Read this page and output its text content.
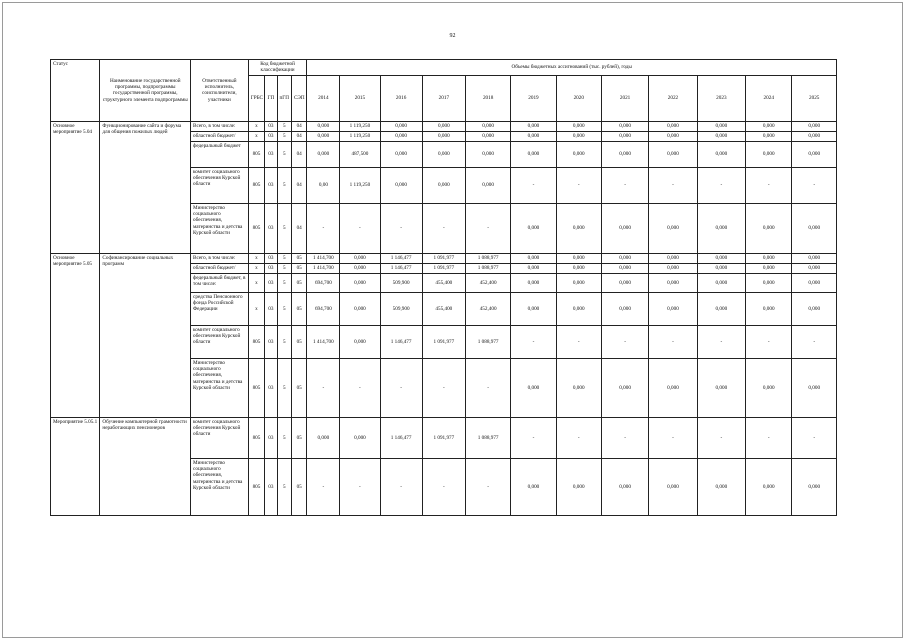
92
Статус	Наименование государственной программы, подпрограммы государственной программы, структурного элемента подпрограммы	Ответственный исполнитель, соисполнители, участники	Код бюджетной классификации				Объемы бюджетных ассигнований (тыс. рублей), годы											
			ГРБС	ГП	пГП	СЭП	2014	2015	2016	2017	2018	2019	2020	2021	2022	2023	2024	2025
Основное мероприятие 5.04	Функционирование сайта и форума для общения пожилых людей	Всего, в том числе:	x	03	5	04	0,000	1 119,250	0,000	0,000	0,000	0,000	0,000	0,000	0,000	0,000	0,000	0,000
		областной бюджет/	x	03	5	04	0,000	1 119,250	0,000	0,000	0,000	0,000	0,000	0,000	0,000	0,000	0,000	0,000
		федеральный бюджет	805	03	5	04	0,000	487,500	0,000	0,000	0,000	0,000	0,000	0,000	0,000	0,000	0,000	0,000
		комитет социального обеспечения Курской области	805	03	5	04	0,00	1 119,250	0,000	0,000	0,000	-	-	-	-	-	-	-
		Министерство социального обеспечения, материнства и детства Курской области	805	03	5	04	-	-	-	-	-	0,000	0,000	0,000	0,000	0,000	0,000	0,000
Основное мероприятие 5.05	Софинансирование социальных программ	Всего, в том числе:	x	03	5	05	1 414,700	0,000	1 146,477	1 091,977	1 088,977	0,000	0,000	0,000	0,000	0,000	0,000	0,000
		областной бюджет/	x	03	5	05	1 414,700	0,000	1 146,477	1 091,977	1 088,977	0,000	0,000	0,000	0,000	0,000	0,000	0,000
		федеральный бюджет, в том числе:	x	03	5	05	694,700	0,000	509,900	455,400	452,400	0,000	0,000	0,000	0,000	0,000	0,000	0,000
		средства Пенсионного фонда Российской Федерации	x	03	5	05	694,700	0,000	509,900	455,400	452,400	0,000	0,000	0,000	0,000	0,000	0,000	0,000
		комитет социального обеспечения Курской области	805	03	5	05	1 414,700	0,000	1 146,477	1 091,977	1 088,977	-	-	-	-	-	-	-
		Министерство социального обеспечения, материнства и детства Курской области	805	03	5	05	-	-	-	-	-	0,000	0,000	0,000	0,000	0,000	0,000	0,000
Мероприятие 5.05.1	Обучение компьютерной грамотности неработающих пенсионеров	комитет социального обеспечения Курской области	805	03	5	05	0,000	0,000	1 146,477	1 091,977	1 088,977	-	-	-	-	-	-	-
		Министерство социального обеспечения, материнства и детства Курской области	805	03	5	05	-	-	-	-	-	0,000	0,000	0,000	0,000	0,000	0,000	0,000
